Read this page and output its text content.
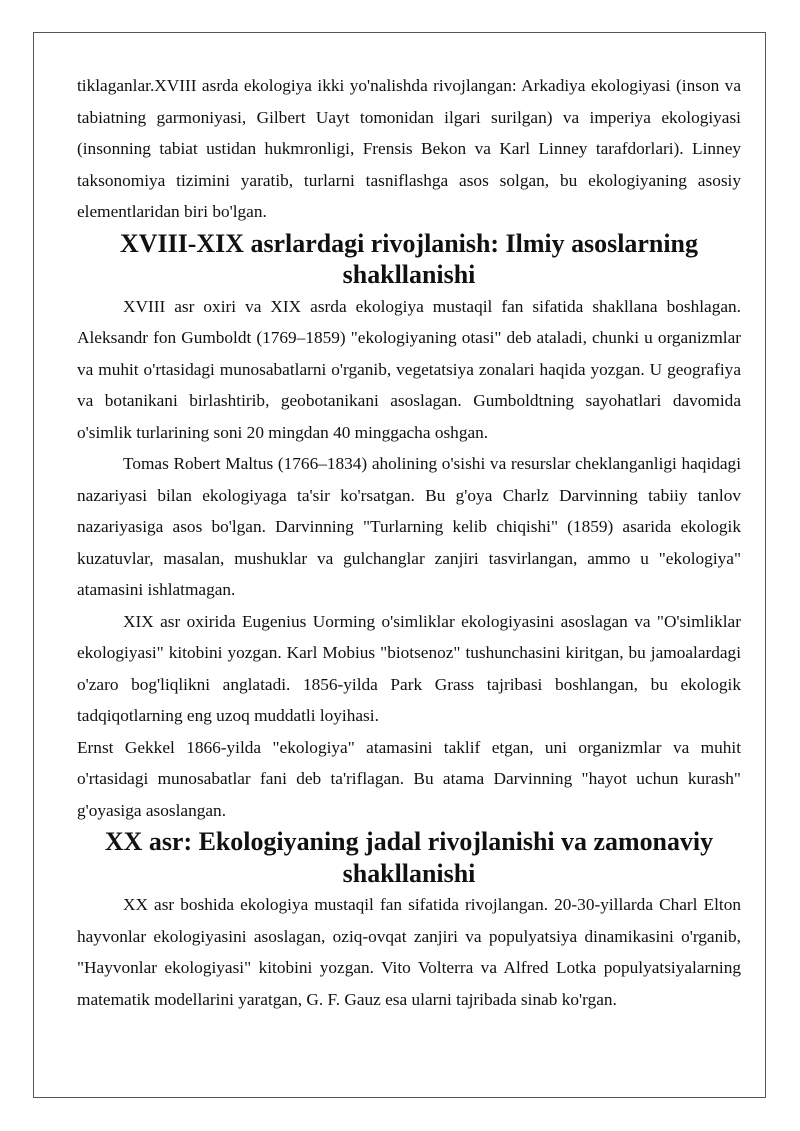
tiklaganlar.XVIII asrda ekologiya ikki yo'nalishda rivojlangan: Arkadiya ekologiyasi (inson va tabiatning garmoniyasi, Gilbert Uayt tomonidan ilgari surilgan) va imperiya ekologiyasi (insonning tabiat ustidan hukmronligi, Frensis Bekon va Karl Linney tarafdorlari). Linney taksonomiya tizimini yaratib, turlarni tasniflashga asos solgan, bu ekologiyaning asosiy elementlaridan biri bo'lgan.

XVIII-XIX asrlardagi rivojlanish: Ilmiy asoslarning shakllanishi

XVIII asr oxiri va XIX asrda ekologiya mustaqil fan sifatida shakllana boshlagan. Aleksandr fon Gumboldt (1769–1859) "ekologiyaning otasi" deb ataladi, chunki u organizmlar va muhit o'rtasidagi munosabatlarni o'rganib, vegetatsiya zonalari haqida yozgan. U geografiya va botanikani birlashtirib, geobotanikani asoslagan. Gumboldtning sayohatlari davomida o'simlik turlarining soni 20 mingdan 40 minggacha oshgan.

Tomas Robert Maltus (1766–1834) aholining o'sishi va resurslar cheklanganligi haqidagi nazariyasi bilan ekologiyaga ta'sir ko'rsatgan. Bu g'oya Charlz Darvinning tabiiy tanlov nazariyasiga asos bo'lgan. Darvinning "Turlarning kelib chiqishi" (1859) asarida ekologik kuzatuvlar, masalan, mushuklar va gulchanglar zanjiri tasvirlangan, ammo u "ekologiya" atamasini ishlatmagan.

XIX asr oxirida Eugenius Uorming o'simliklar ekologiyasini asoslagan va "O'simliklar ekologiyasi" kitobini yozgan. Karl Mobius "biotsenoz" tushunchasini kiritgan, bu jamoalardagi o'zaro bog'liqlikni anglatadi. 1856-yilda Park Grass tajribasi boshlangan, bu ekologik tadqiqotlarning eng uzoq muddatli loyihasi.

Ernst Gekkel 1866-yilda "ekologiya" atamasini taklif etgan, uni organizmlar va muhit o'rtasidagi munosabatlar fani deb ta'riflagan. Bu atama Darvinning "hayot uchun kurash" g'oyasiga asoslangan.

XX asr: Ekologiyaning jadal rivojlanishi va zamonaviy shakllanishi

XX asr boshida ekologiya mustaqil fan sifatida rivojlangan. 20-30-yillarda Charl Elton hayvonlar ekologiyasini asoslagan, oziq-ovqat zanjiri va populyatsiya dinamikasini o'rganib, "Hayvonlar ekologiyasi" kitobini yozgan. Vito Volterra va Alfred Lotka populyatsiyalarning matematik modellarini yaratgan, G. F. Gauz esa ularni tajribada sinab ko'rgan.
